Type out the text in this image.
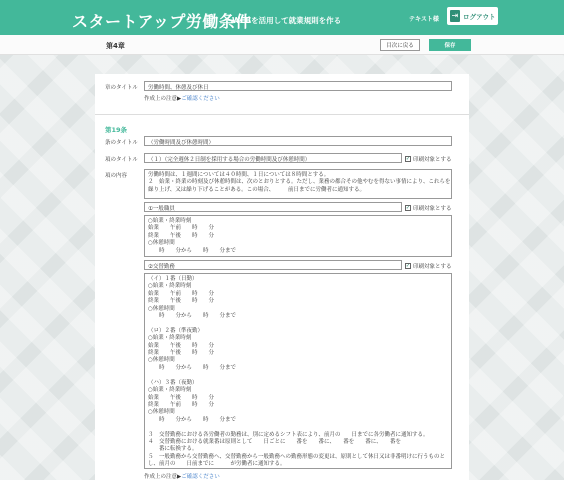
スタートアップ労働条件
WEBを活用して就業規則を作る	テキスト様 ⇥ ログアウト
第4章	目次に戻る	保存
章のタイトル	労働時間、休憩及び休日
作成上の注意▶ご確認ください
第19条
条のタイトル	（労働時間及び休憩時間）
項のタイトル	（１）（完全週休２日制を採用する場合の労働時間及び休憩時間）	✓ 印刷対象とする
項の内容	労働時間は、１週間については４０時間、１日については８時間とする。
２　始業・終業の時刻及び休憩時間は、次のとおりとする。ただし、業務の都合その他やむを得ない事情により、これらを
繰り上げ、又は繰り下げることがある。この場合、　　　前日までに労働者に通知する。
①一般職員	✓ 印刷対象とする
○始業・終業時刻
始業　　午前　　時　　分
終業　　午後　　時　　分
○休憩時間
　　時　　分から　　時　　分まで
②交替勤務	✓ 印刷対象とする
（イ）１番（日勤）
○始業・終業時刻
始業　　午前　　時　　分
終業　　午後　　時　　分
○休憩時間
　　時　　分から　　時　　分まで

（ロ）２番（準夜勤）
○始業・終業時刻
始業　　午後　　時　　分
終業　　午後　　時　　分
○休憩時間
　　時　　分から　　時　　分まで

（ハ）３番（夜勤）
○始業・終業時刻
始業　　午後　　時　　分
終業　　午前　　時　　分
○休憩時間
　　時　　分から　　時　　分まで

３　交替勤務における各労働者の勤務は、別に定めるシフト表により、前月の　　日までに各労働者に通知する。
４　交替勤務における就業番は原則として　　日ごとに　　番を　　番に、　　番を　　番に、　　番を
　　番に転換する。
５　一般勤務から交替勤務へ、交替勤務から一般勤務への勤務形態の変更は、原則として休日又は非番明けに行うものと
し、前月の　　日前までに　　　が労働者に通知する。
作成上の注意▶ご確認ください
